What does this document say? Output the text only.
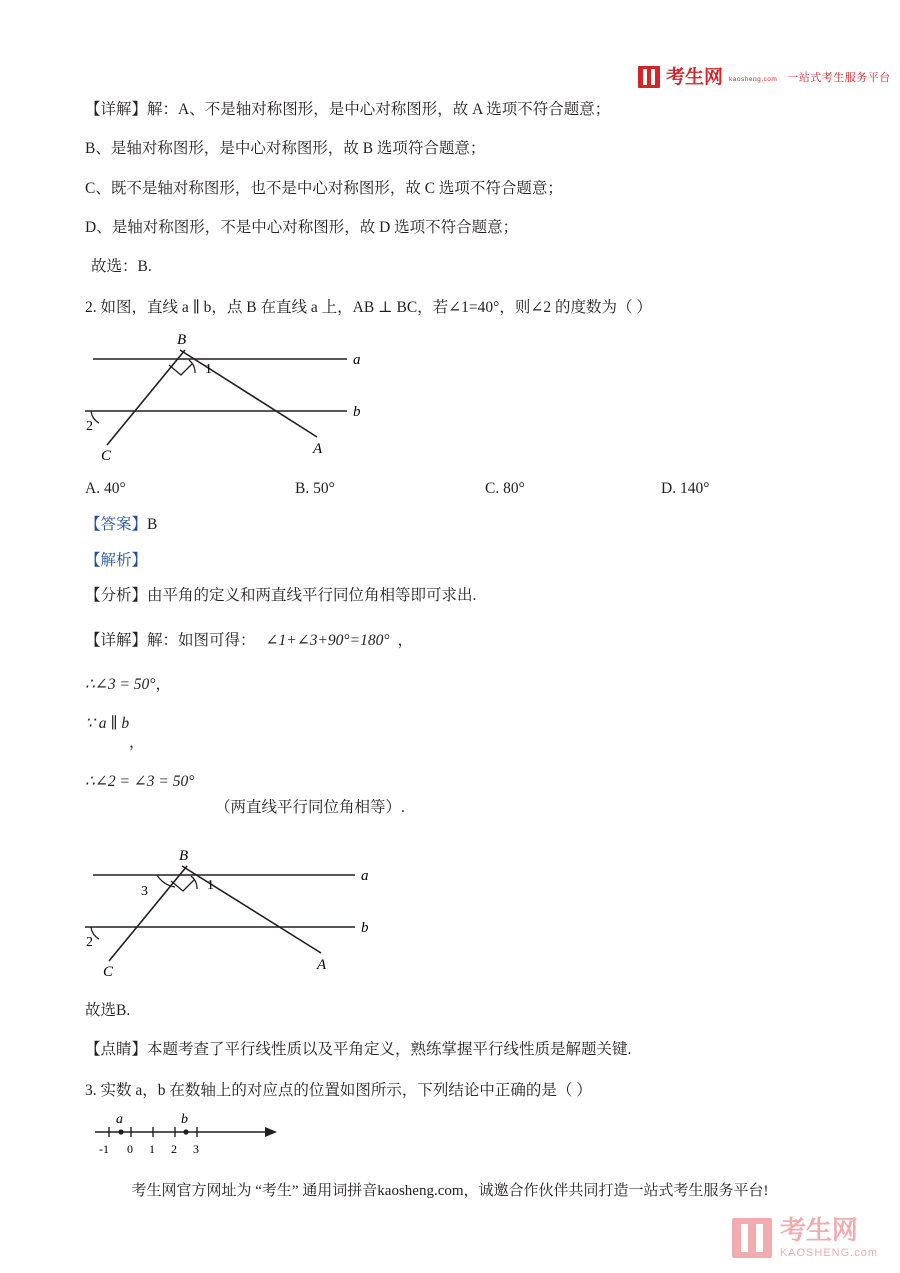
考生网 kaosheng.com 一站式考生服务平台
【详解】解：A、不是轴对称图形，是中心对称图形，故 A 选项不符合题意；
B、是轴对称图形，是中心对称图形，故 B 选项符合题意；
C、既不是轴对称图形，也不是中心对称图形，故 C 选项不符合题意；
D、是轴对称图形，不是中心对称图形，故 D 选项不符合题意；
故选：B.
2. 如图，直线 a ∥ b，点 B 在直线 a 上，AB ⊥ BC，若∠1=40°，则∠2 的度数为（ ）
B
1
a
b
2
C	A
A. 40°	B. 50°	C. 80°	D. 140°
【答案】B
【解析】
【分析】由平角的定义和两直线平行同位角相等即可求出.
【详解】解：如图可得： ∠1+∠3+90°=180° ，
∴∠3 = 50°，
∵ a ∥ b
，
∴∠2 = ∠3 = 50°
（两直线平行同位角相等）.
B
3	1
a
b
2
C	A
故选B.
【点睛】本题考查了平行线性质以及平角定义，熟练掌握平行线性质是解题关键.
3. 实数 a，b 在数轴上的对应点的位置如图所示，下列结论中正确的是（ ）
a	b
-1 0 1 2 3
考生网官方网址为 “考生” 通用词拼音kaosheng.com，诚邀合作伙伴共同打造一站式考生服务平台!
考生网
KAOSHENG.com
